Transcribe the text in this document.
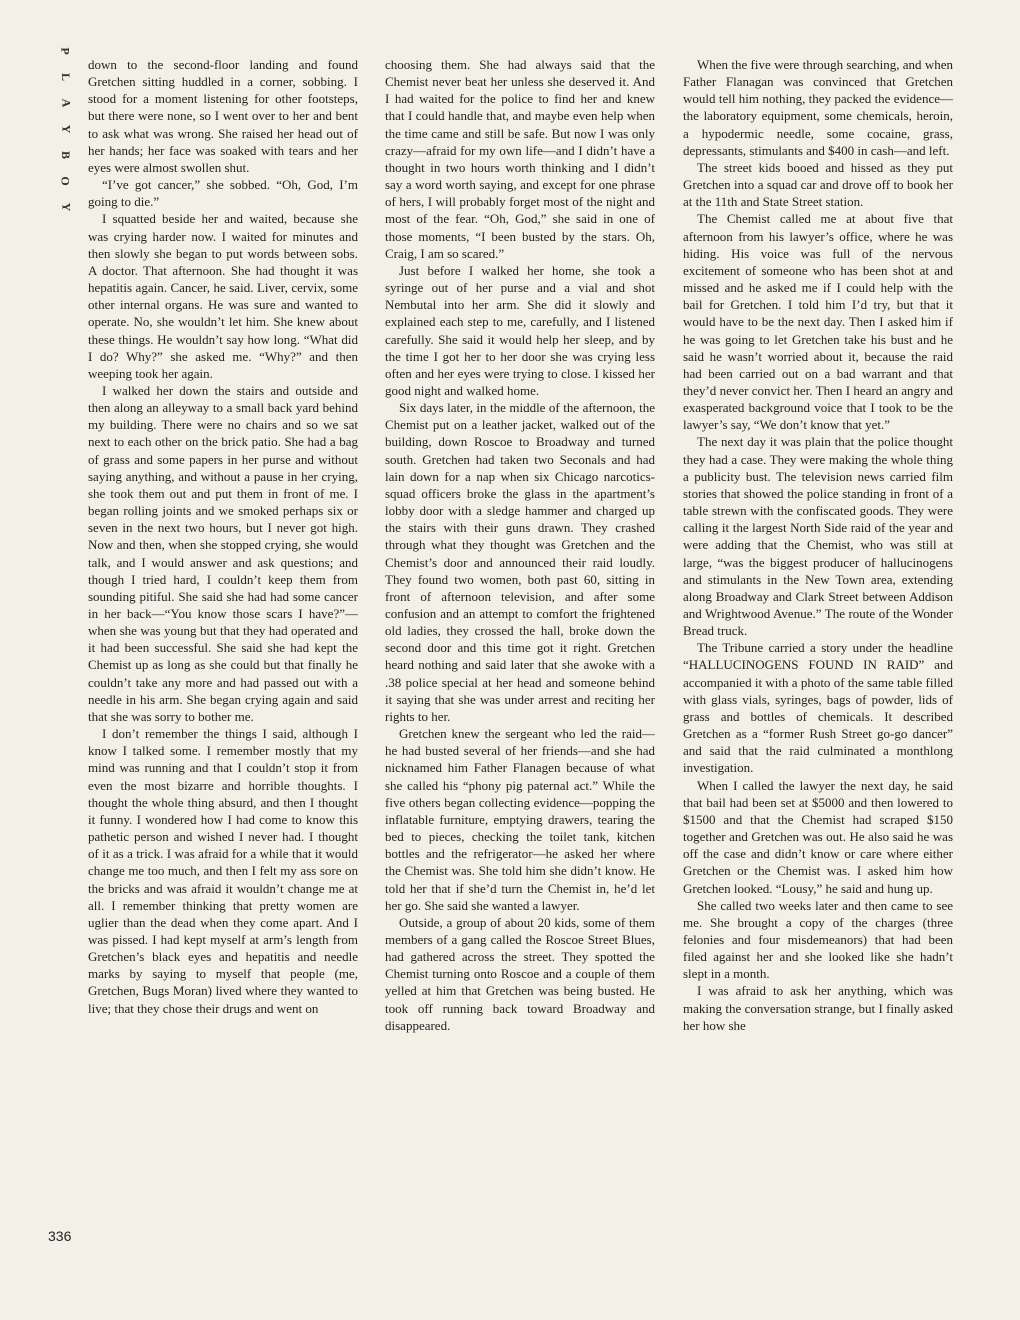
P
L
A
Y
B
O
Y
336

down to the second-floor landing and found Gretchen sitting huddled in a corner, sobbing. I stood for a moment listening for other footsteps, but there were none, so I went over to her and bent to ask what was wrong. She raised her head out of her hands; her face was soaked with tears and her eyes were almost swollen shut.

“I’ve got cancer,” she sobbed. “Oh, God, I’m going to die.”

I squatted beside her and waited, because she was crying harder now. I waited for minutes and then slowly she began to put words between sobs. A doctor. That afternoon. She had thought it was hepatitis again. Cancer, he said. Liver, cervix, some other internal organs. He was sure and wanted to operate. No, she wouldn’t let him. She knew about these things. He wouldn’t say how long. “What did I do? Why?” she asked me. “Why?” and then weeping took her again.

I walked her down the stairs and outside and then along an alleyway to a small back yard behind my building. There were no chairs and so we sat next to each other on the brick patio. She had a bag of grass and some papers in her purse and without saying anything, and without a pause in her crying, she took them out and put them in front of me. I began rolling joints and we smoked perhaps six or seven in the next two hours, but I never got high. Now and then, when she stopped crying, she would talk, and I would answer and ask questions; and though I tried hard, I couldn’t keep them from sounding pitiful. She said she had had some cancer in her back—“You know those scars I have?”—when she was young but that they had operated and it had been successful. She said she had kept the Chemist up as long as she could but that finally he couldn’t take any more and had passed out with a needle in his arm. She began crying again and said that she was sorry to bother me.

I don’t remember the things I said, although I know I talked some. I remember mostly that my mind was running and that I couldn’t stop it from even the most bizarre and horrible thoughts. I thought the whole thing absurd, and then I thought it funny. I wondered how I had come to know this pathetic person and wished I never had. I thought of it as a trick. I was afraid for a while that it would change me too much, and then I felt my ass sore on the bricks and was afraid it wouldn’t change me at all. I remember thinking that pretty women are uglier than the dead when they come apart. And I was pissed. I had kept myself at arm’s length from Gretchen’s black eyes and hepatitis and needle marks by saying to myself that people (me, Gretchen, Bugs Moran) lived where they wanted to live; that they chose their drugs and went on

choosing them. She had always said that the Chemist never beat her unless she deserved it. And I had waited for the police to find her and knew that I could handle that, and maybe even help when the time came and still be safe. But now I was only crazy—afraid for my own life—and I didn’t have a thought in two hours worth thinking and I didn’t say a word worth saying, and except for one phrase of hers, I will probably forget most of the night and most of the fear. “Oh, God,” she said in one of those moments, “I been busted by the stars. Oh, Craig, I am so scared.”

Just before I walked her home, she took a syringe out of her purse and a vial and shot Nembutal into her arm. She did it slowly and explained each step to me, carefully, and I listened carefully. She said it would help her sleep, and by the time I got her to her door she was crying less often and her eyes were trying to close. I kissed her good night and walked home.

Six days later, in the middle of the afternoon, the Chemist put on a leather jacket, walked out of the building, down Roscoe to Broadway and turned south. Gretchen had taken two Seconals and had lain down for a nap when six Chicago narcotics-squad officers broke the glass in the apartment’s lobby door with a sledge hammer and charged up the stairs with their guns drawn. They crashed through what they thought was Gretchen and the Chemist’s door and announced their raid loudly. They found two women, both past 60, sitting in front of afternoon television, and after some confusion and an attempt to comfort the frightened old ladies, they crossed the hall, broke down the second door and this time got it right. Gretchen heard nothing and said later that she awoke with a .38 police special at her head and someone behind it saying that she was under arrest and reciting her rights to her.

Gretchen knew the sergeant who led the raid—he had busted several of her friends—and she had nicknamed him Father Flanagen because of what she called his “phony pig paternal act.” While the five others began collecting evidence—popping the inflatable furniture, emptying drawers, tearing the bed to pieces, checking the toilet tank, kitchen bottles and the refrigerator—he asked her where the Chemist was. She told him she didn’t know. He told her that if she’d turn the Chemist in, he’d let her go. She said she wanted a lawyer.

Outside, a group of about 20 kids, some of them members of a gang called the Roscoe Street Blues, had gathered across the street. They spotted the Chemist turning onto Roscoe and a couple of them yelled at him that Gretchen was being busted. He took off running back toward Broadway and disappeared.

When the five were through searching, and when Father Flanagan was convinced that Gretchen would tell him nothing, they packed the evidence—the laboratory equipment, some chemicals, heroin, a hypodermic needle, some cocaine, grass, depressants, stimulants and $400 in cash—and left.

The street kids booed and hissed as they put Gretchen into a squad car and drove off to book her at the 11th and State Street station.

The Chemist called me at about five that afternoon from his lawyer’s office, where he was hiding. His voice was full of the nervous excitement of someone who has been shot at and missed and he asked me if I could help with the bail for Gretchen. I told him I’d try, but that it would have to be the next day. Then I asked him if he was going to let Gretchen take his bust and he said he wasn’t worried about it, because the raid had been carried out on a bad warrant and that they’d never convict her. Then I heard an angry and exasperated background voice that I took to be the lawyer’s say, “We don’t know that yet.”

The next day it was plain that the police thought they had a case. They were making the whole thing a publicity bust. The television news carried film stories that showed the police standing in front of a table strewn with the confiscated goods. They were calling it the largest North Side raid of the year and were adding that the Chemist, who was still at large, “was the biggest producer of hallucinogens and stimulants in the New Town area, extending along Broadway and Clark Street between Addison and Wrightwood Avenue.” The route of the Wonder Bread truck.

The Tribune carried a story under the headline “HALLUCINOGENS FOUND IN RAID” and accompanied it with a photo of the same table filled with glass vials, syringes, bags of powder, lids of grass and bottles of chemicals. It described Gretchen as a “former Rush Street go-go dancer” and said that the raid culminated a monthlong investigation.

When I called the lawyer the next day, he said that bail had been set at $5000 and then lowered to $1500 and that the Chemist had scraped $150 together and Gretchen was out. He also said he was off the case and didn’t know or care where either Gretchen or the Chemist was. I asked him how Gretchen looked. “Lousy,” he said and hung up.

She called two weeks later and then came to see me. She brought a copy of the charges (three felonies and four misdemeanors) that had been filed against her and she looked like she hadn’t slept in a month.

I was afraid to ask her anything, which was making the conversation strange, but I finally asked her how she
